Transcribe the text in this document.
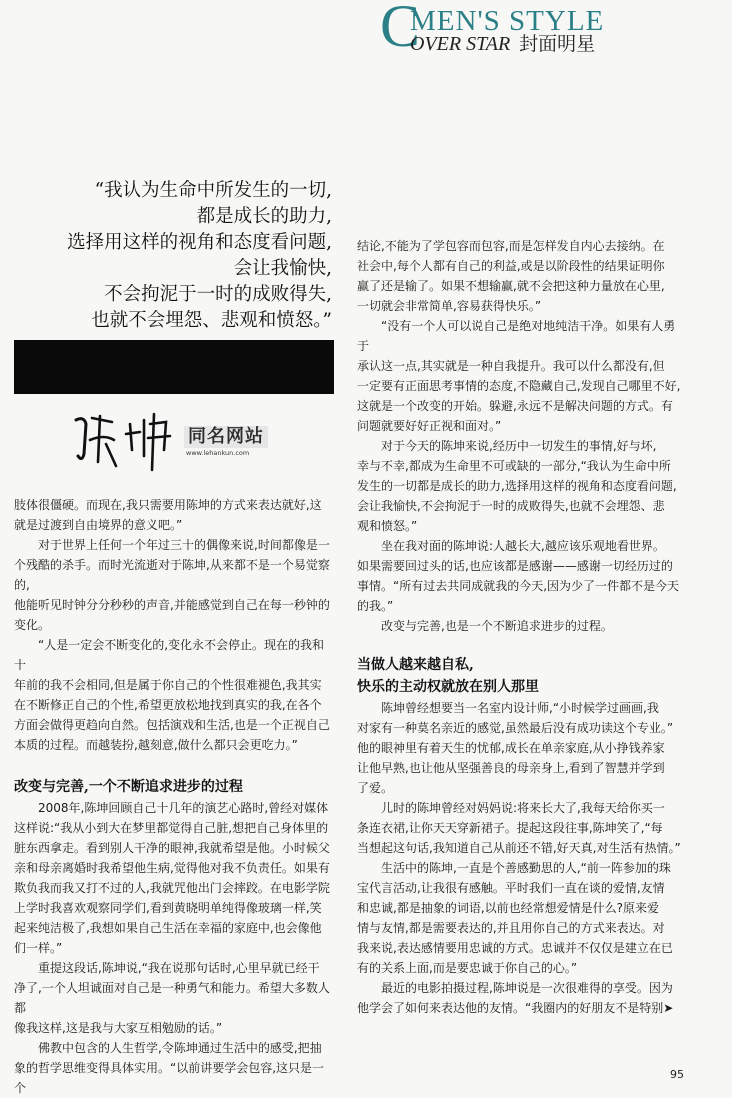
C
MEN'S STYLE
OVER STAR 封面明星
“我认为生命中所发生的一切,
都是成长的助力,
选择用这样的视角和态度看问题,
会让我愉快,
不会拘泥于一时的成败得失,
也就不会埋怨、悲观和愤怒。”
同名网站
www.lehankun.com

肢体很僵硬。而现在,我只需要用陈坤的方式来表达就好,这
就是过渡到自由境界的意义吧。”

对于世界上任何一个年过三十的偶像来说,时间都像是一
个残酷的杀手。而时光流逝对于陈坤,从来都不是一个易觉察的,
他能听见时钟分分秒秒的声音,并能感觉到自己在每一秒钟的
变化。

“人是一定会不断变化的,变化永不会停止。现在的我和十
年前的我不会相同,但是属于你自己的个性很难褪色,我其实
在不断修正自己的个性,希望更放松地找到真实的我,在各个
方面会做得更趋向自然。包括演戏和生活,也是一个正视自己
本质的过程。而越装扮,越刻意,做什么都只会更吃力。”

改变与完善,一个不断追求进步的过程

2008年,陈坤回顾自己十几年的演艺心路时,曾经对媒体
这样说:“我从小到大在梦里都觉得自己脏,想把自己身体里的
脏东西拿走。看到别人干净的眼神,我就希望是他。小时候父
亲和母亲离婚时我希望他生病,觉得他对我不负责任。如果有
欺负我而我又打不过的人,我就咒他出门会摔跤。在电影学院
上学时我喜欢观察同学们,看到黄晓明单纯得像玻璃一样,笑
起来纯洁极了,我想如果自己生活在幸福的家庭中,也会像他
们一样。”

重提这段话,陈坤说,“我在说那句话时,心里早就已经干
净了,一个人坦诚面对自己是一种勇气和能力。希望大多数人都
像我这样,这是我与大家互相勉励的话。”

佛教中包含的人生哲学,令陈坤通过生活中的感受,把抽
象的哲学思维变得具体实用。“以前讲要学会包容,这只是一个

结论,不能为了学包容而包容,而是怎样发自内心去接纳。在
社会中,每个人都有自己的利益,或是以阶段性的结果证明你
赢了还是输了。如果不想输赢,就不会把这种力量放在心里,
一切就会非常简单,容易获得快乐。”

“没有一个人可以说自己是绝对地纯洁干净。如果有人勇于
承认这一点,其实就是一种自我提升。我可以什么都没有,但
一定要有正面思考事情的态度,不隐藏自己,发现自己哪里不好,
这就是一个改变的开始。躲避,永远不是解决问题的方式。有
问题就要好好正视和面对。”

对于今天的陈坤来说,经历中一切发生的事情,好与坏,
幸与不幸,都成为生命里不可或缺的一部分,“我认为生命中所
发生的一切都是成长的助力,选择用这样的视角和态度看问题,
会让我愉快,不会拘泥于一时的成败得失,也就不会埋怨、悲
观和愤怒。”

坐在我对面的陈坤说:人越长大,越应该乐观地看世界。
如果需要回过头的话,也应该都是感谢——感谢一切经历过的
事情。“所有过去共同成就我的今天,因为少了一件都不是今天
的我。”

改变与完善,也是一个不断追求进步的过程。

当做人越来越自私,
快乐的主动权就放在别人那里

陈坤曾经想要当一名室内设计师,“小时候学过画画,我
对家有一种莫名亲近的感觉,虽然最后没有成功读这个专业。”
他的眼神里有着天生的忧郁,成长在单亲家庭,从小挣钱养家
让他早熟,也让他从坚强善良的母亲身上,看到了智慧并学到
了爱。

儿时的陈坤曾经对妈妈说:将来长大了,我每天给你买一
条连衣裙,让你天天穿新裙子。提起这段往事,陈坤笑了,“每
当想起这句话,我知道自己从前还不错,好天真,对生活有热情。”

生活中的陈坤,一直是个善感勤思的人,“前一阵参加的珠
宝代言活动,让我很有感触。平时我们一直在谈的爱情,友情
和忠诚,都是抽象的词语,以前也经常想爱情是什么?原来爱
情与友情,都是需要表达的,并且用你自己的方式来表达。对
我来说,表达感情要用忠诚的方式。忠诚并不仅仅是建立在已
有的关系上面,而是要忠诚于你自己的心。”

最近的电影拍摄过程,陈坤说是一次很难得的享受。因为
他学会了如何来表达他的友情。“我圈内的好朋友不是特别➤

95
